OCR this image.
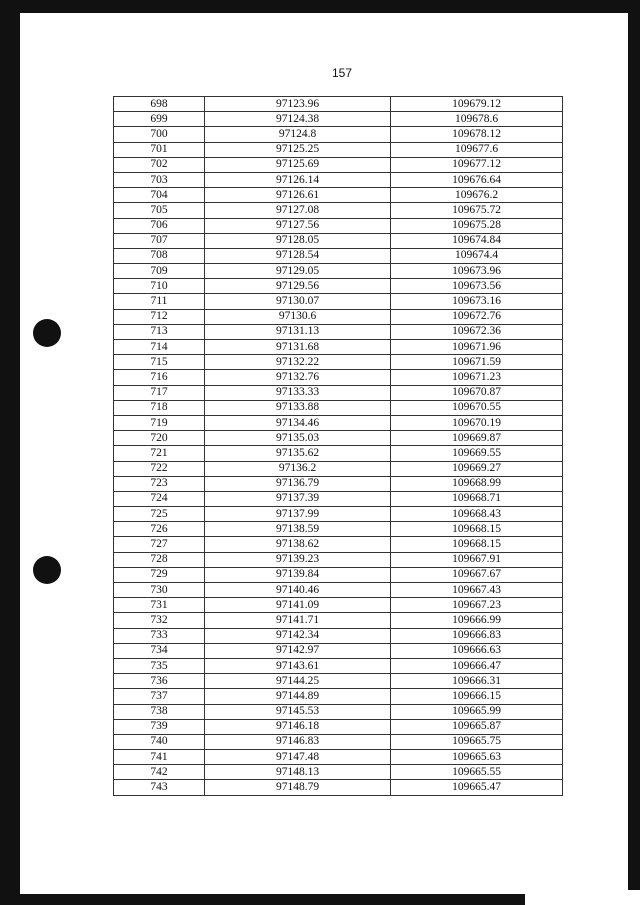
157
698	97123.96	109679.12
699	97124.38	109678.6
700	97124.8	109678.12
701	97125.25	109677.6
702	97125.69	109677.12
703	97126.14	109676.64
704	97126.61	109676.2
705	97127.08	109675.72
706	97127.56	109675.28
707	97128.05	109674.84
708	97128.54	109674.4
709	97129.05	109673.96
710	97129.56	109673.56
711	97130.07	109673.16
712	97130.6	109672.76
713	97131.13	109672.36
714	97131.68	109671.96
715	97132.22	109671.59
716	97132.76	109671.23
717	97133.33	109670.87
718	97133.88	109670.55
719	97134.46	109670.19
720	97135.03	109669.87
721	97135.62	109669.55
722	97136.2	109669.27
723	97136.79	109668.99
724	97137.39	109668.71
725	97137.99	109668.43
726	97138.59	109668.15
727	97138.62	109668.15
728	97139.23	109667.91
729	97139.84	109667.67
730	97140.46	109667.43
731	97141.09	109667.23
732	97141.71	109666.99
733	97142.34	109666.83
734	97142.97	109666.63
735	97143.61	109666.47
736	97144.25	109666.31
737	97144.89	109666.15
738	97145.53	109665.99
739	97146.18	109665.87
740	97146.83	109665.75
741	97147.48	109665.63
742	97148.13	109665.55
743	97148.79	109665.47
